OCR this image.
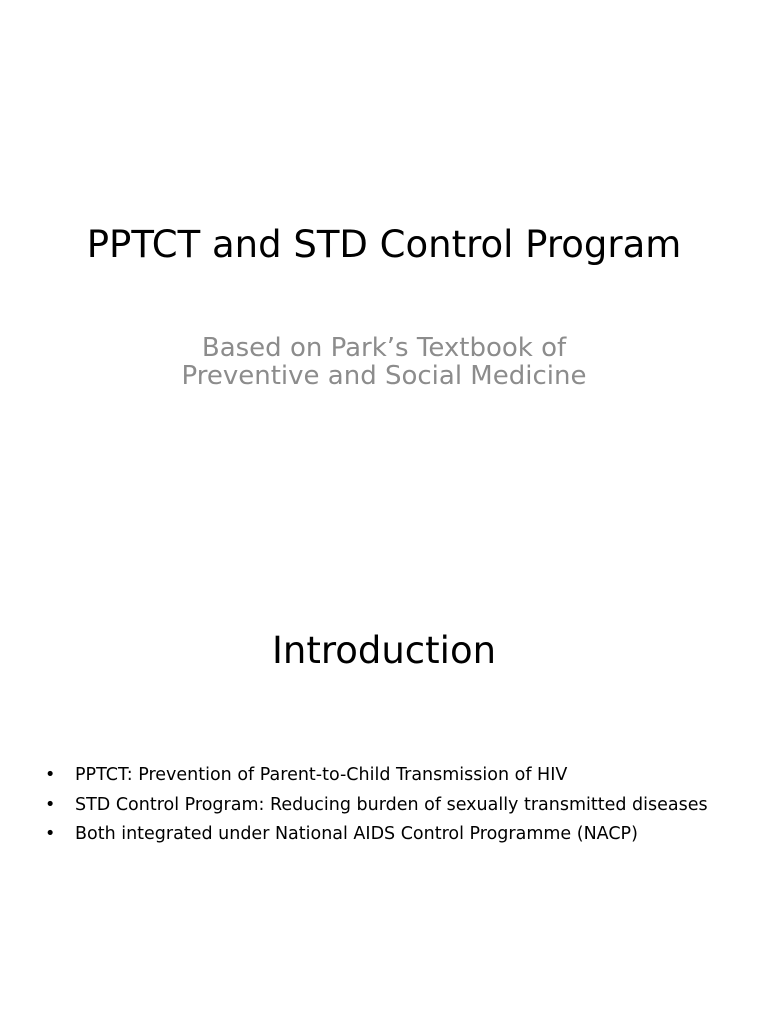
PPTCT and STD Control Program
Based on Park’s Textbook of
Preventive and Social Medicine
Introduction
• PPTCT: Prevention of Parent-to-Child Transmission of HIV
• STD Control Program: Reducing burden of sexually transmitted diseases
• Both integrated under National AIDS Control Programme (NACP)
